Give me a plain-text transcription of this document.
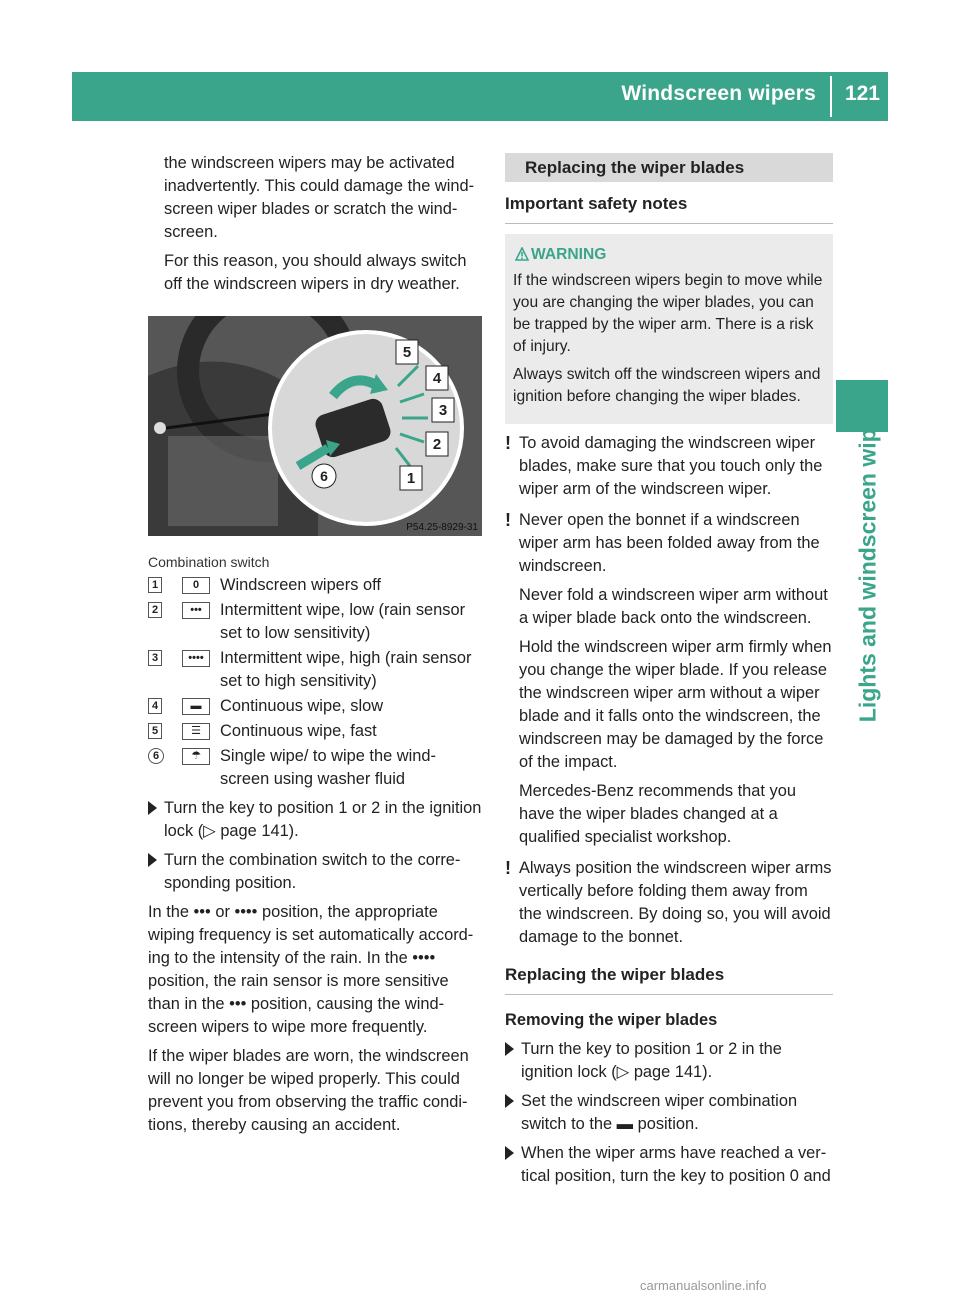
Windscreen wipers 121
Lights and windscreen wipers

the windscreen wipers may be activated inadvertently. This could damage the wind-screen wiper blades or scratch the wind-screen.

For this reason, you should always switch off the windscreen wipers in dry weather.

5
4
3
2
1
6
P54.25-8929-31
Combination switch
1	0	Windscreen wipers off
2	•••	Intermittent wipe, low (rain sensor set to low sensitivity)
3	•••• Intermittent wipe, high (rain sensor set to high sensitivity)
4	▬	Continuous wipe, slow
5	☰	Continuous wipe, fast
6	☂	Single wipe/ to wipe the wind-screen using washer fluid
Turn the key to position 1 or 2 in the ignition lock (▷ page 141).
Turn the combination switch to the corre-sponding position.

In the ••• or •••• position, the appropriate wiping frequency is set automatically accord-ing to the intensity of the rain. In the •••• position, the rain sensor is more sensitive than in the ••• position, causing the wind-screen wipers to wipe more frequently.

If the wiper blades are worn, the windscreen will no longer be wiped properly. This could prevent you from observing the traffic condi-tions, thereby causing an accident.

Replacing the wiper blades
Important safety notes
WARNING

If the windscreen wipers begin to move while you are changing the wiper blades, you can be trapped by the wiper arm. There is a risk of injury.

Always switch off the windscreen wipers and ignition before changing the wiper blades.

! To avoid damaging the windscreen wiper blades, make sure that you touch only the wiper arm of the windscreen wiper.

! Never open the bonnet if a windscreen wiper arm has been folded away from the windscreen.

Never fold a windscreen wiper arm without a wiper blade back onto the windscreen.

Hold the windscreen wiper arm firmly when you change the wiper blade. If you release the windscreen wiper arm without a wiper blade and it falls onto the windscreen, the windscreen may be damaged by the force of the impact.

Mercedes-Benz recommends that you have the wiper blades changed at a qualified specialist workshop.

! Always position the windscreen wiper arms vertically before folding them away from the windscreen. By doing so, you will avoid damage to the bonnet.

Replacing the wiper blades
Removing the wiper blades
Turn the key to position 1 or 2 in the ignition lock (▷ page 141).
Set the windscreen wiper combination switch to the ▬ position.
When the wiper arms have reached a ver-tical position, turn the key to position 0 and
carmanualsonline.info
